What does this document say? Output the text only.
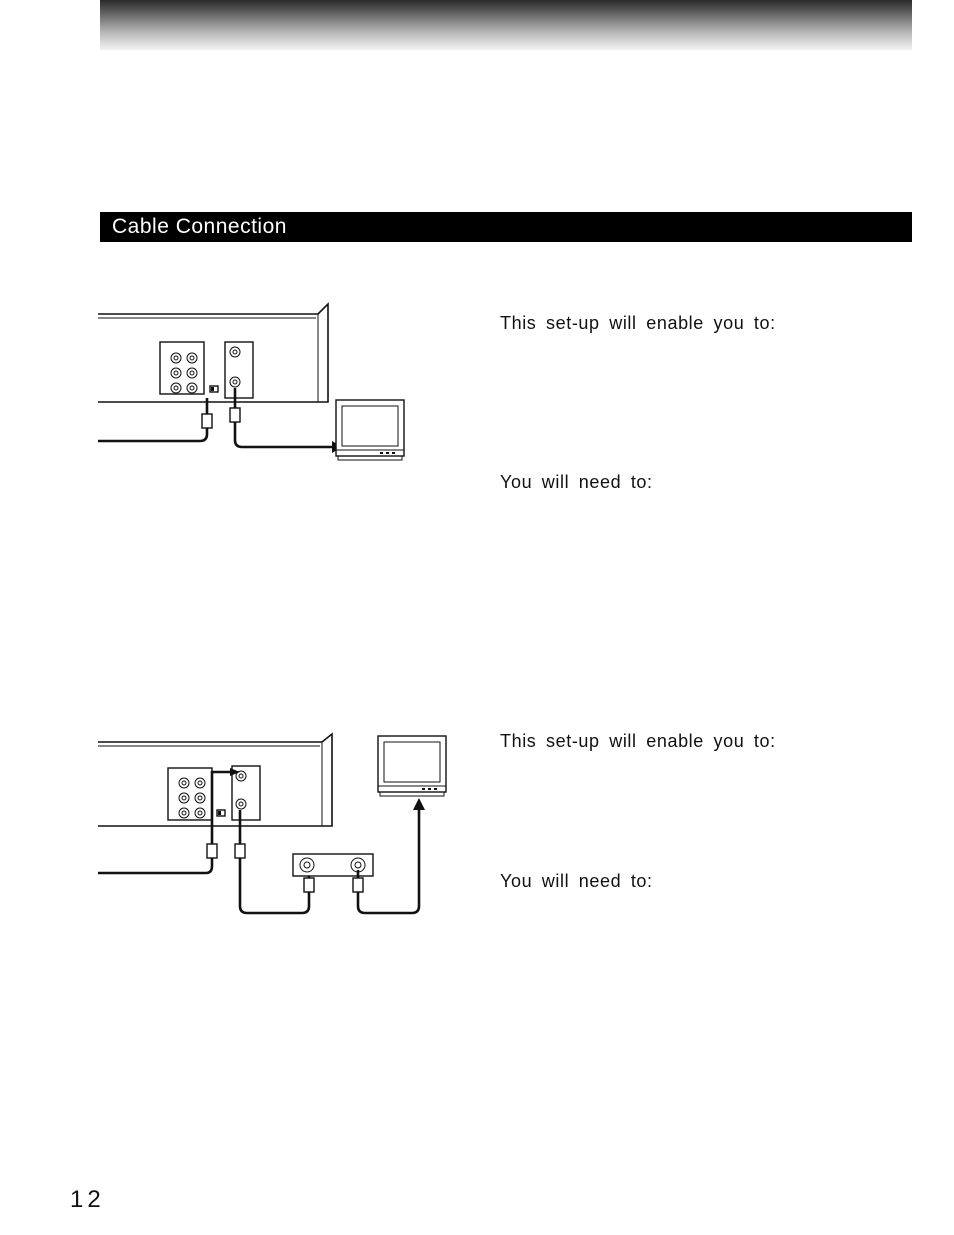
Cable Connection
This set-up will enable you to:
You will need to:
This set-up will enable you to:
You will need to:
12
